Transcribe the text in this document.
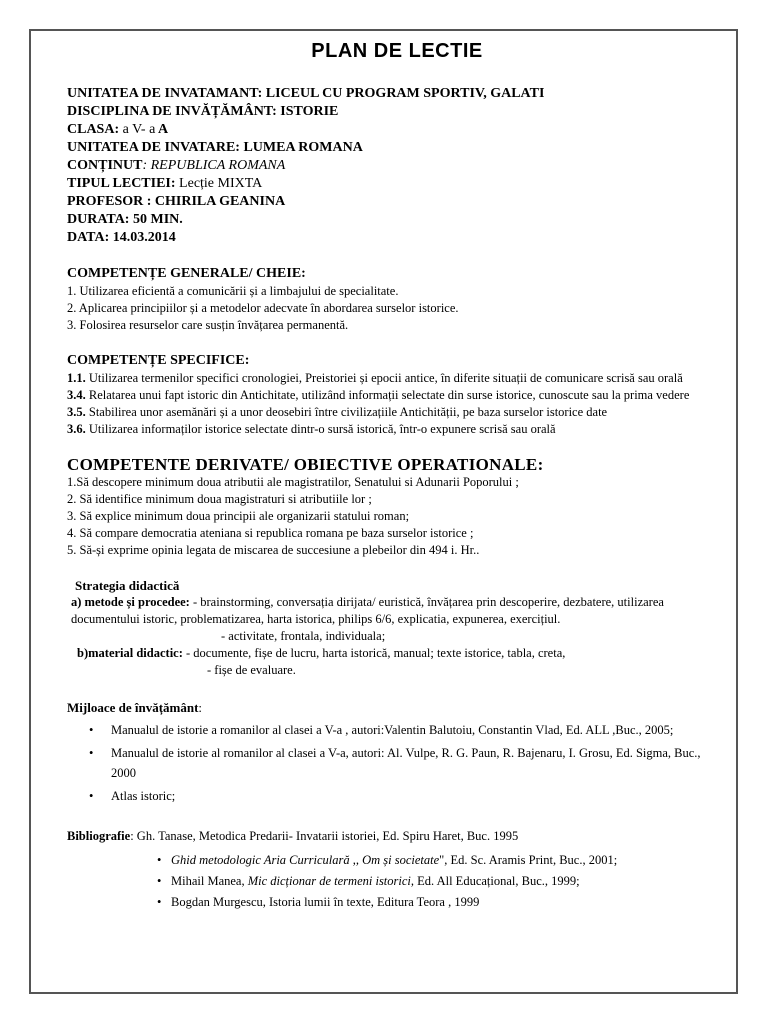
PLAN DE LECTIE
UNITATEA DE INVATAMANT: LICEUL CU PROGRAM SPORTIV, GALATI
DISCIPLINA DE INVĂȚĂMÂNT: ISTORIE
CLASA: a V- a A
UNITATEA DE INVATARE: LUMEA ROMANA
CONȚINUT: REPUBLICA ROMANA
TIPUL LECTIEI: Lecție MIXTA
PROFESOR : CHIRILA GEANINA
DURATA: 50 MIN.
DATA: 14.03.2014
COMPETENȚE GENERALE/ CHEIE:
1. Utilizarea eficientă a comunicării și a limbajului de specialitate.
2. Aplicarea principiilor și a metodelor adecvate în abordarea surselor istorice.
3. Folosirea resurselor care susțin învățarea permanentă.
COMPETENȚE SPECIFICE:
1.1. Utilizarea termenilor specifici cronologiei, Preistoriei și epocii antice, în diferite situații de comunicare scrisă sau orală
3.4. Relatarea unui fapt istoric din Antichitate, utilizând informații selectate din surse istorice, cunoscute sau la prima vedere
3.5. Stabilirea unor asemănări și a unor deosebiri între civilizațiile Antichității, pe baza surselor istorice date
3.6. Utilizarea informaților istorice selectate dintr-o sursă istorică, într-o expunere scrisă sau orală
COMPETENTE DERIVATE/ OBIECTIVE OPERATIONALE:
1.Să descopere minimum doua atributii ale magistratilor, Senatului si Adunarii Poporului ;
2. Să identifice minimum doua magistraturi si atributiile lor ;
3. Să explice minimum doua principii ale organizarii statului roman;
4. Să compare democratia ateniana si republica romana pe baza surselor istorice ;
5. Să-și exprime opinia legata de miscarea de succesiune a plebeilor din 494 i. Hr..
Strategia didactică
a) metode și procedee: - brainstorming, conversația dirijata/ euristică, învățarea prin descoperire, dezbatere, utilizarea documentului istoric, problematizarea, harta istorica, philips 6/6, explicatia, expunerea, exercițiul.
- activitate, frontala, individuala;
b)material didactic: - documente, fișe de lucru, harta istorică, manual; texte istorice, tabla, creta,
- fișe de evaluare.
Mijloace de învățământ:
• Manualul de istorie a romanilor al clasei a V-a , autori:Valentin Balutoiu, Constantin Vlad, Ed. ALL ,Buc., 2005;
• Manualul de istorie al romanilor al clasei a V-a, autori: Al. Vulpe, R. G. Paun, R. Bajenaru, I. Grosu, Ed. Sigma, Buc., 2000
• Atlas istoric;
Bibliografie: Gh. Tanase, Metodica Predarii- Invatarii istoriei, Ed. Spiru Haret, Buc. 1995
• Ghid metodologic Aria Curriculară ,, Om și societate", Ed. Sc. Aramis Print, Buc., 2001;
• Mihail Manea, Mic dicționar de termeni istorici, Ed. All Educațional, Buc., 1999;
• Bogdan Murgescu, Istoria lumii în texte, Editura Teora , 1999
